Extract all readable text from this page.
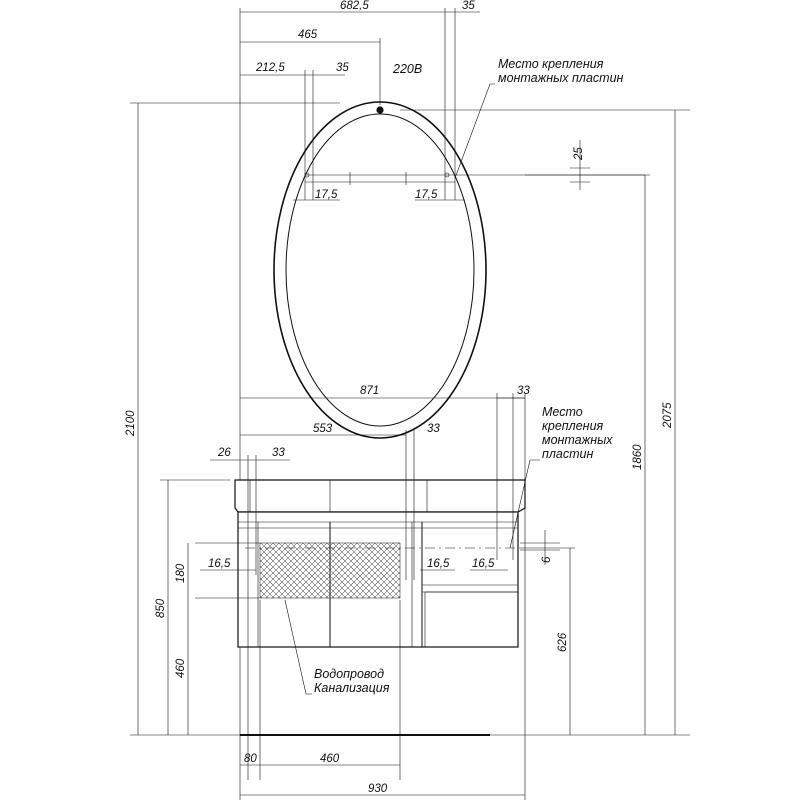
682,5	35
465
212,5	35	220В
17,5	17,5
25
Место крепления
монтажных пластин
871	33
553	33
26	33
16,5	16,5 16,5	6
180
Место
крепления
монтажных
пластин
2100	2075
1860
850
460
626
80	460
930
Водопровод
Канализация
